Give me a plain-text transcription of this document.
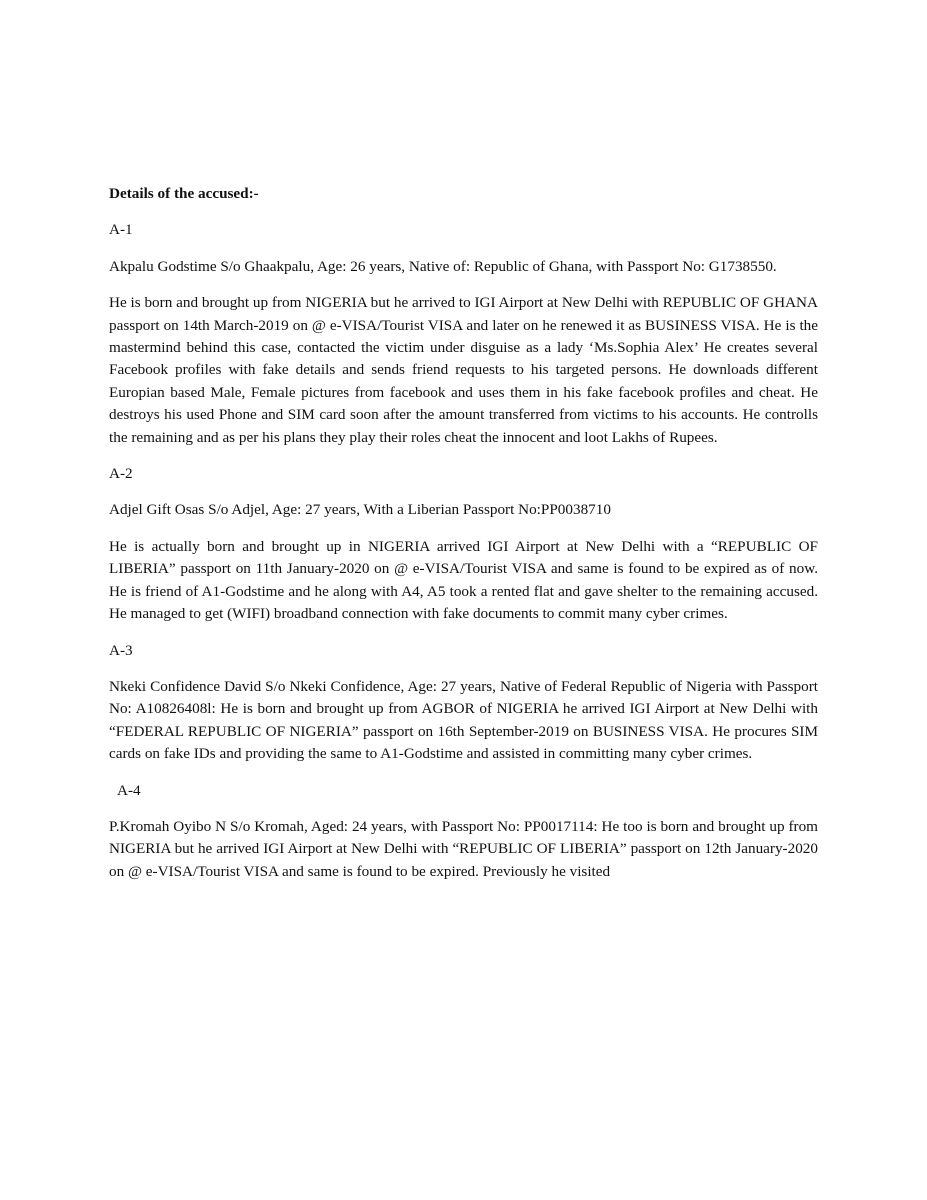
Details of the accused:-

A-1

Akpalu Godstime S/o Ghaakpalu, Age: 26 years, Native of: Republic of Ghana, with Passport No: G1738550.

He is born and brought up from NIGERIA but he arrived to IGI Airport at New Delhi with REPUBLIC OF GHANA passport on 14th March-2019 on @ e-VISA/Tourist VISA and later on he renewed it as BUSINESS VISA. He is the mastermind behind this case, contacted the victim under disguise as a lady ‘Ms.Sophia Alex’ He creates several Facebook profiles with fake details and sends friend requests to his targeted persons. He downloads different Europian based Male, Female pictures from facebook and uses them in his fake facebook profiles and cheat. He destroys his used Phone and SIM card soon after the amount transferred from victims to his accounts. He controlls the remaining and as per his plans they play their roles cheat the innocent and loot Lakhs of Rupees.

A-2

Adjel Gift Osas S/o Adjel, Age: 27 years, With a Liberian Passport No:PP0038710

He is actually born and brought up in NIGERIA arrived IGI Airport at New Delhi with a “REPUBLIC OF LIBERIA” passport on 11th January-2020 on @ e-VISA/Tourist VISA and same is found to be expired as of now. He is friend of A1-Godstime and he along with A4, A5 took a rented flat and gave shelter to the remaining accused. He managed to get (WIFI) broadband connection with fake documents to commit many cyber crimes.

A-3

Nkeki Confidence David S/o Nkeki Confidence, Age: 27 years, Native of Federal Republic of Nigeria with Passport No: A10826408l: He is born and brought up from AGBOR of NIGERIA he arrived IGI Airport at New Delhi with “FEDERAL REPUBLIC OF NIGERIA” passport on 16th September-2019 on BUSINESS VISA. He procures SIM cards on fake IDs and providing the same to A1-Godstime and assisted in committing many cyber crimes.

A-4

P.Kromah Oyibo N S/o Kromah, Aged: 24 years, with Passport No: PP0017114: He too is born and brought up from NIGERIA but he arrived IGI Airport at New Delhi with “REPUBLIC OF LIBERIA” passport on 12th January-2020 on @ e-VISA/Tourist VISA and same is found to be expired. Previously he visited
